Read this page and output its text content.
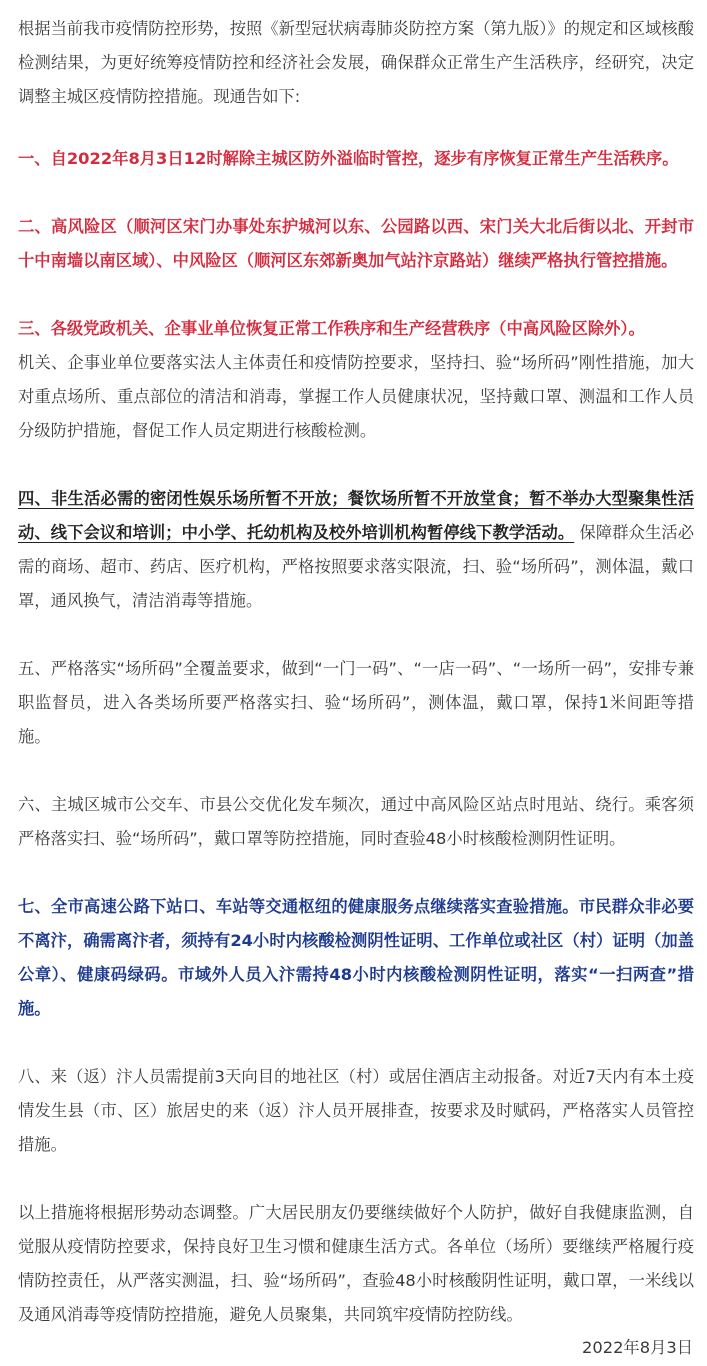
根据当前我市疫情防控形势，按照《新型冠状病毒肺炎防控方案（第九版）》的规定和区域核酸检测结果，为更好统筹疫情防控和经济社会发展，确保群众正常生产生活秩序，经研究，决定调整主城区疫情防控措施。现通告如下:

一、自2022年8月3日12时解除主城区防外溢临时管控，逐步有序恢复正常生产生活秩序。

二、高风险区（顺河区宋门办事处东护城河以东、公园路以西、宋门关大北后街以北、开封市十中南墙以南区域）、中风险区（顺河区东郊新奥加气站汴京路站）继续严格执行管控措施。

三、各级党政机关、企事业单位恢复正常工作秩序和生产经营秩序（中高风险区除外）。
机关、企事业单位要落实法人主体责任和疫情防控要求，坚持扫、验“场所码”刚性措施，加大对重点场所、重点部位的清洁和消毒，掌握工作人员健康状况，坚持戴口罩、测温和工作人员分级防护措施，督促工作人员定期进行核酸检测。

四、非生活必需的密闭性娱乐场所暂不开放；餐饮场所暂不开放堂食；暂不举办大型聚集性活动、线下会议和培训；中小学、托幼机构及校外培训机构暂停线下教学活动。 保障群众生活必需的商场、超市、药店、医疗机构，严格按照要求落实限流，扫、验“场所码”，测体温，戴口罩，通风换气，清洁消毒等措施。

五、严格落实“场所码”全覆盖要求，做到“一门一码”、“一店一码”、“一场所一码”，安排专兼职监督员，进入各类场所要严格落实扫、验“场所码”，测体温，戴口罩，保持1米间距等措施。

六、主城区城市公交车、市县公交优化发车频次，通过中高风险区站点时甩站、绕行。乘客须严格落实扫、验“场所码”，戴口罩等防控措施，同时查验48小时核酸检测阴性证明。

七、全市高速公路下站口、车站等交通枢纽的健康服务点继续落实查验措施。市民群众非必要不离汴，确需离汴者，须持有24小时内核酸检测阴性证明、工作单位或社区（村）证明（加盖公章）、健康码绿码。市域外人员入汴需持48小时内核酸检测阴性证明，落实“一扫两查”措施。

八、来（返）汴人员需提前3天向目的地社区（村）或居住酒店主动报备。对近7天内有本土疫情发生县（市、区）旅居史的来（返）汴人员开展排查，按要求及时赋码，严格落实人员管控措施。

以上措施将根据形势动态调整。广大居民朋友仍要继续做好个人防护，做好自我健康监测，自觉服从疫情防控要求，保持良好卫生习惯和健康生活方式。各单位（场所）要继续严格履行疫情防控责任，从严落实测温，扫、验“场所码”，查验48小时核酸阴性证明，戴口罩，一米线以及通风消毒等疫情防控措施，避免人员聚集，共同筑牢疫情防控防线。

2022年8月3日
